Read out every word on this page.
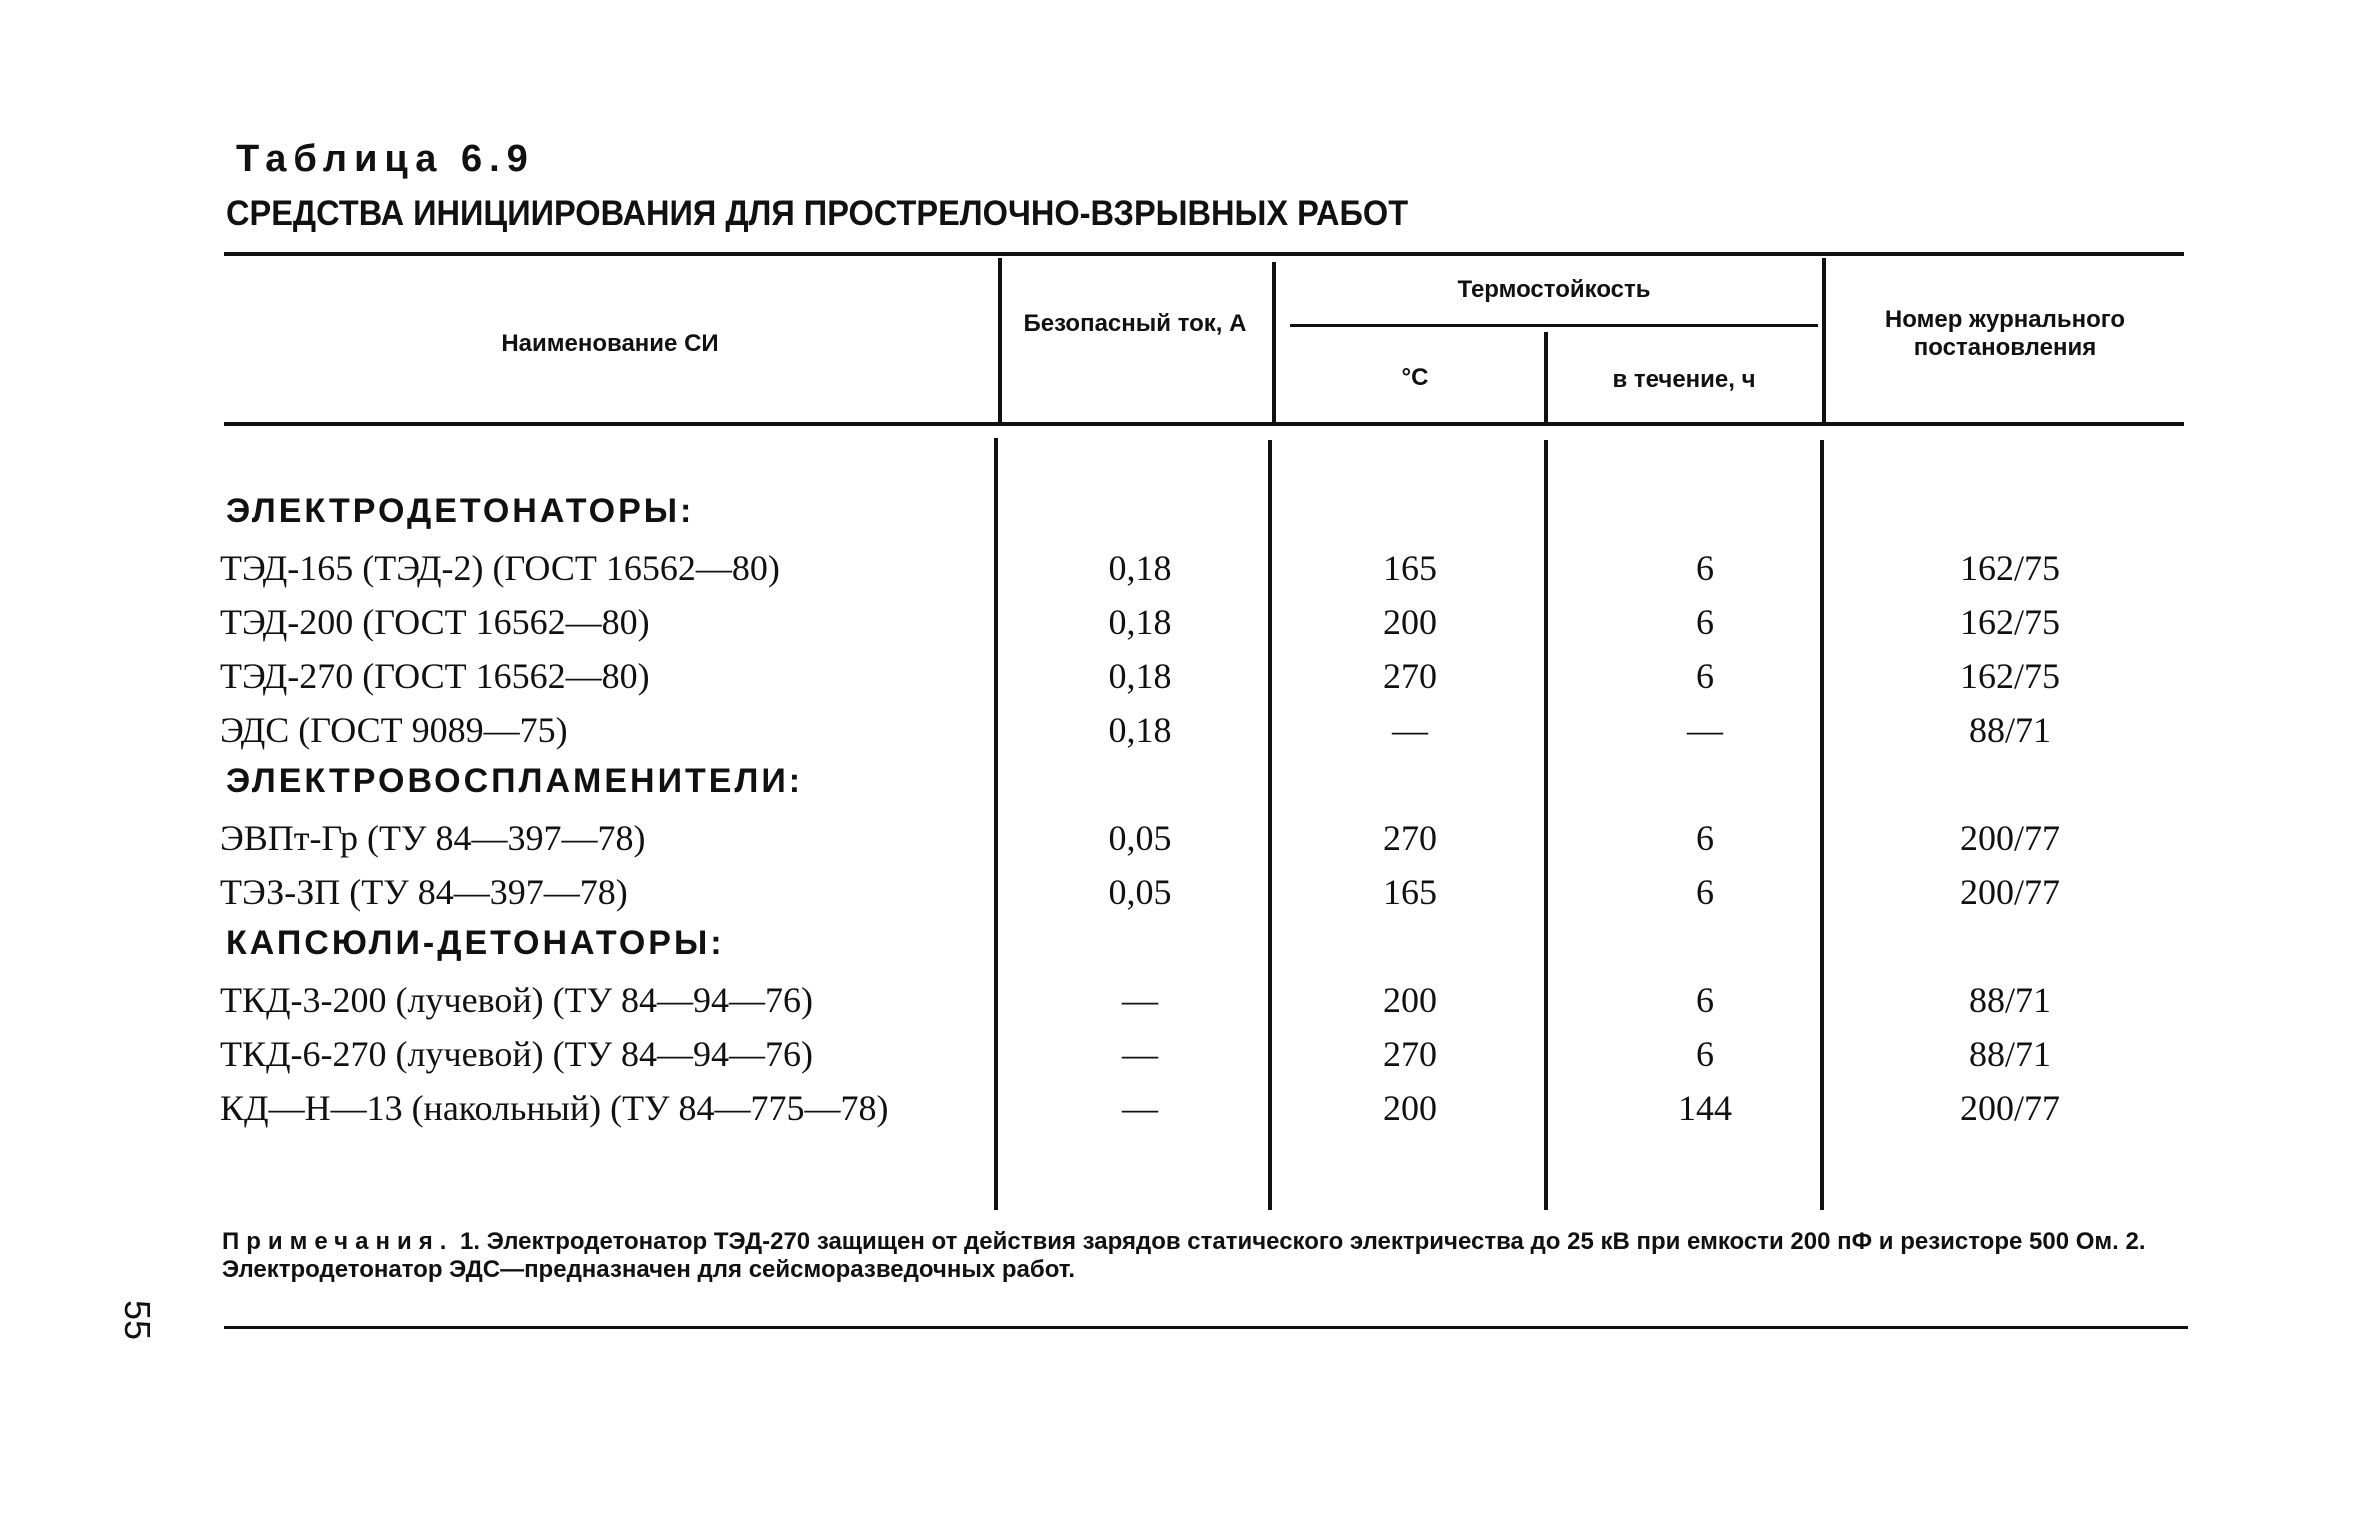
Таблица 6.9
СРЕДСТВА ИНИЦИИРОВАНИЯ ДЛЯ ПРОСТРЕЛОЧНО-ВЗРЫВНЫХ РАБОТ
Наименование СИ
Безопасный ток, А
Термостойкость
°С	в течение, ч
Номер журнального постановления
ЭЛЕКТРОДЕТОНАТОРЫ:
ТЭД-165 (ТЭД-2) (ГОСТ 16562—80)	0,18	165	6	162/75
ТЭД-200 (ГОСТ 16562—80)	0,18	200	6	162/75
ТЭД-270 (ГОСТ 16562—80)	0,18	270	6	162/75
ЭДС (ГОСТ 9089—75)	0,18	—	—	88/71
ЭЛЕКТРОВОСПЛАМЕНИТЕЛИ:
ЭВПт-Гр (ТУ 84—397—78)	0,05	270	6	200/77
ТЭЗ-ЗП (ТУ 84—397—78)	0,05	165	6	200/77
КАПСЮЛИ-ДЕТОНАТОРЫ:
ТКД-3-200 (лучевой) (ТУ 84—94—76)	—	200	6	88/71
ТКД-6-270 (лучевой) (ТУ 84—94—76)	—	270	6	88/71
КД—Н—13 (накольный) (ТУ 84—775—78)	—	200	144	200/77
Примечания. 1. Электродетонатор ТЭД-270 защищен от действия зарядов статического электричества до 25 кВ при емкости 200 пФ и резисторе 500 Ом. 2. Электродетонатор ЭДС—предназначен для сейсморазведочных работ.
55
